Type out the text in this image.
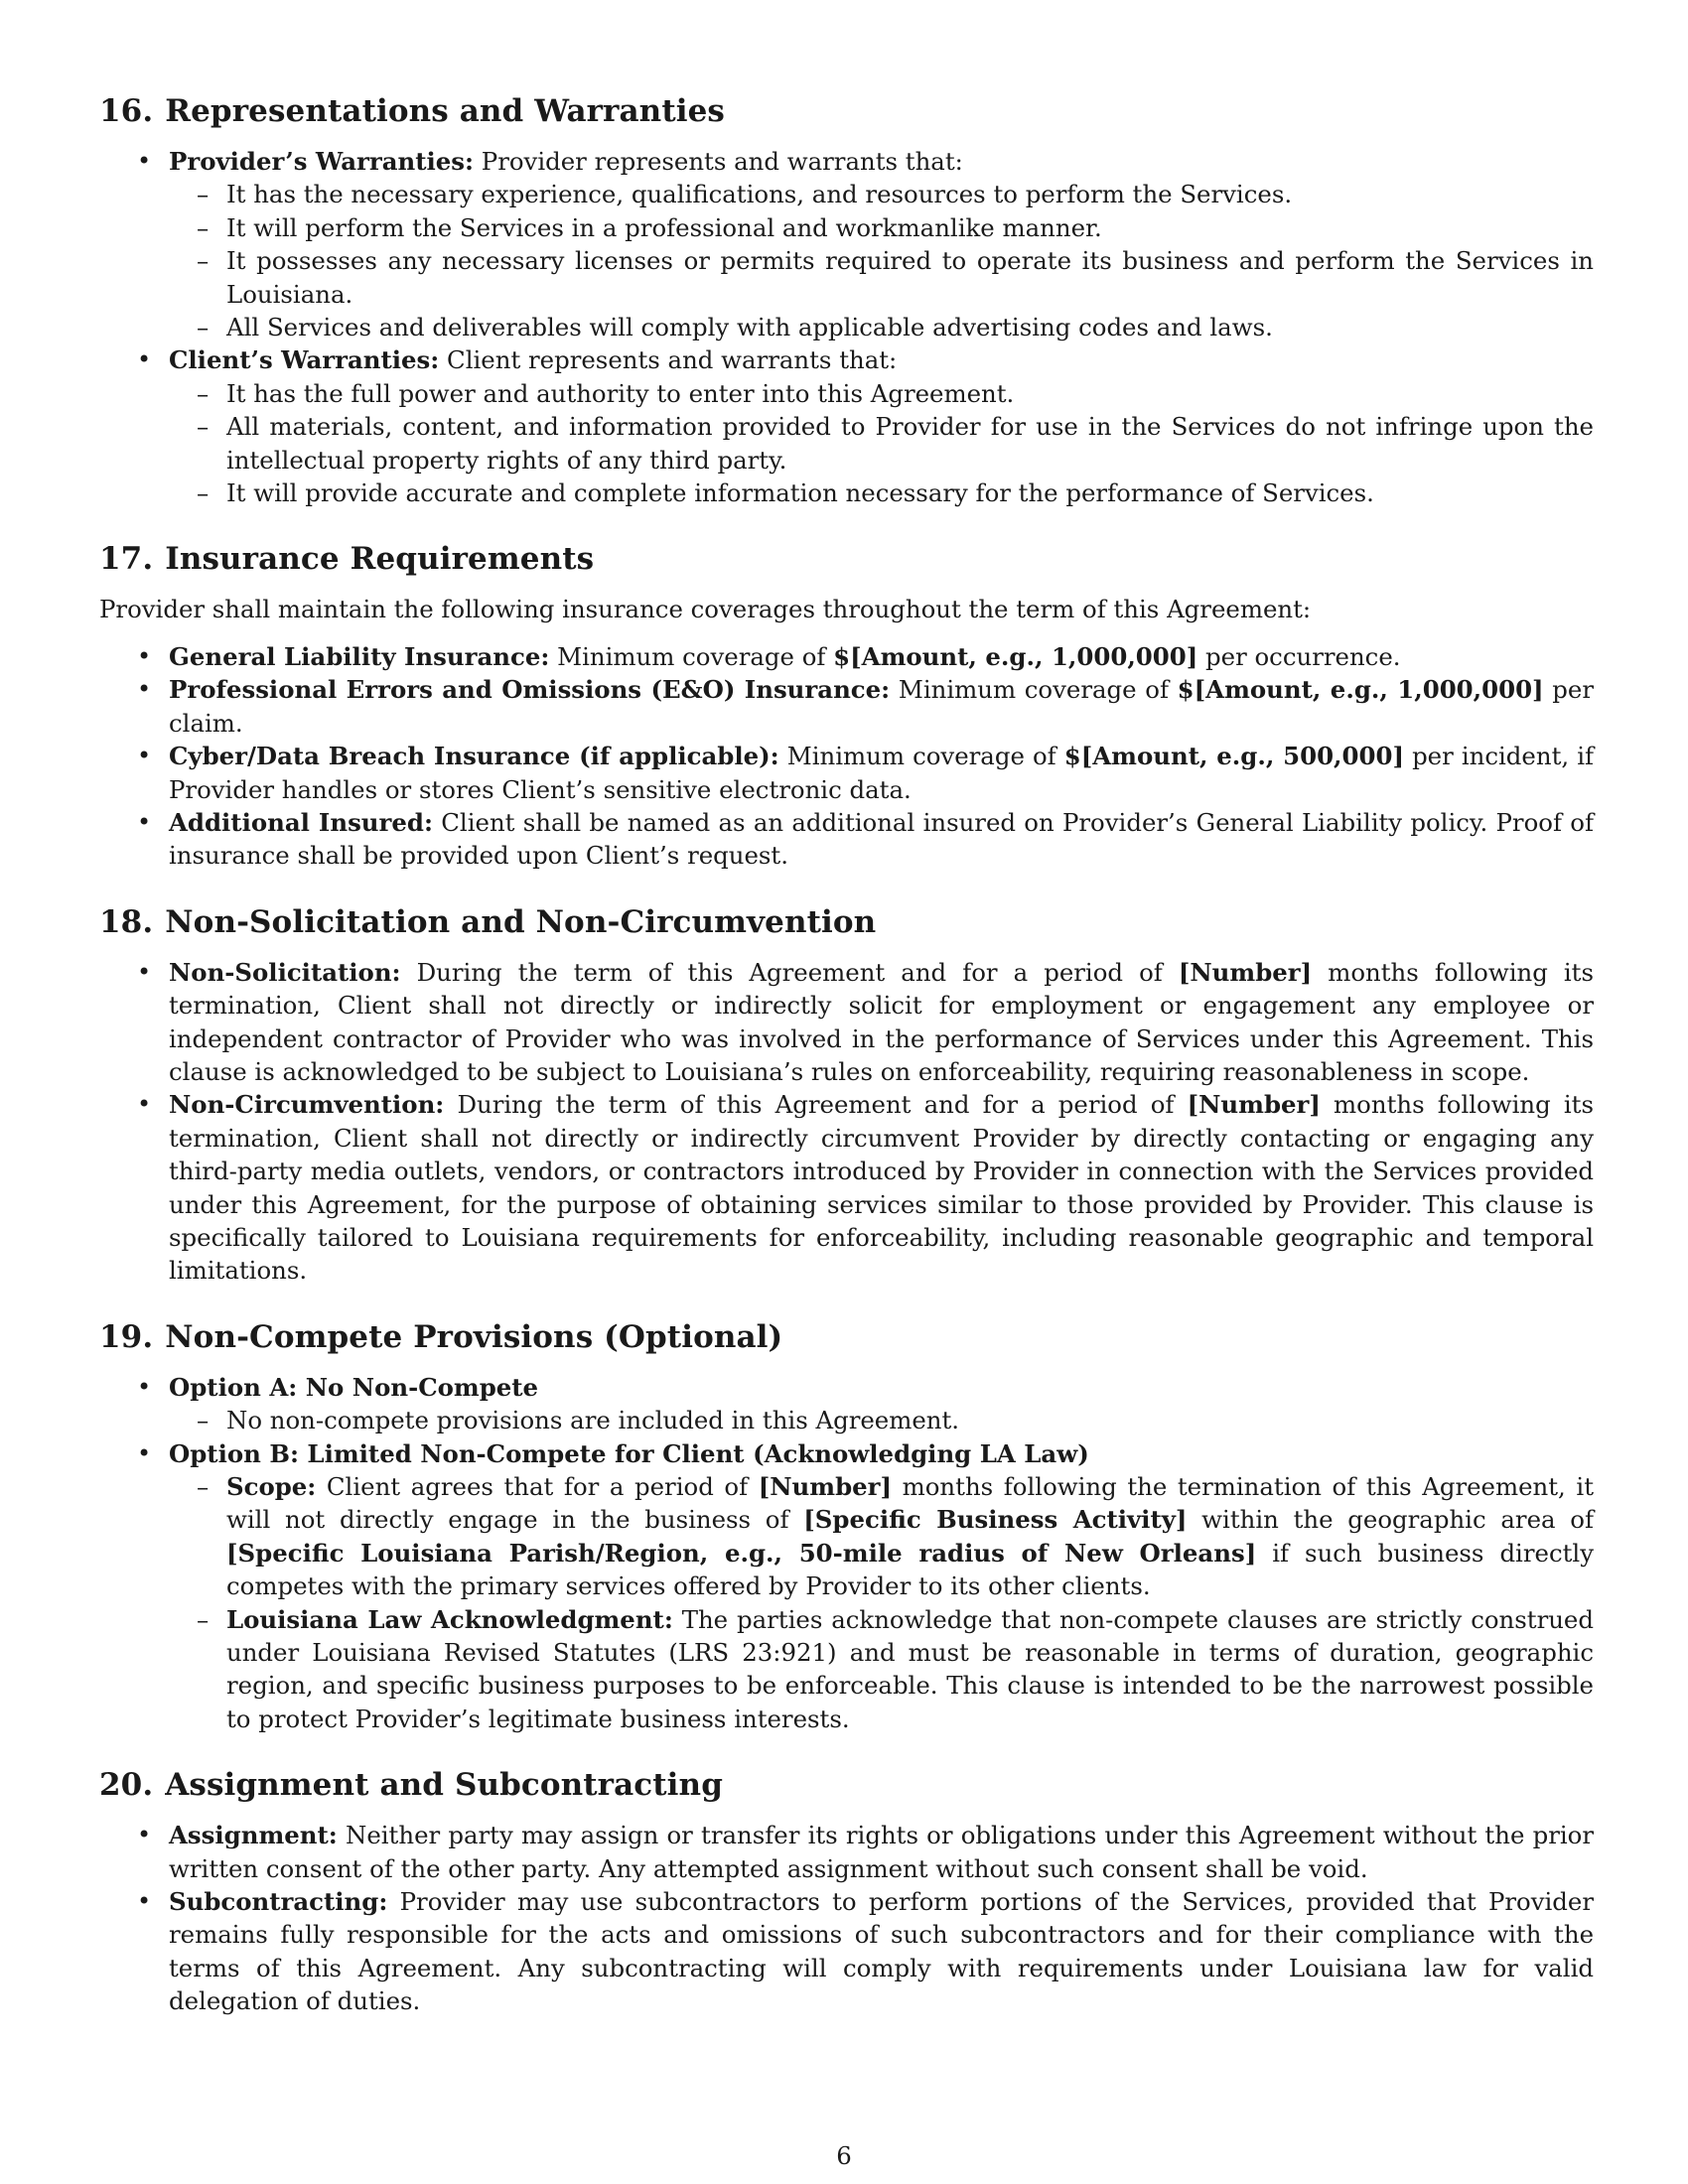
16. Representations and Warranties
• Provider’s Warranties: Provider represents and warrants that:
– It has the necessary experience, qualifications, and resources to perform the Services.
– It will perform the Services in a professional and workmanlike manner.
– It possesses any necessary licenses or permits required to operate its business and perform the Services in Louisiana.
– All Services and deliverables will comply with applicable advertising codes and laws.
• Client’s Warranties: Client represents and warrants that:
– It has the full power and authority to enter into this Agreement.
– All materials, content, and information provided to Provider for use in the Services do not infringe upon the intellectual property rights of any third party.
– It will provide accurate and complete information necessary for the performance of Services.
17. Insurance Requirements

Provider shall maintain the following insurance coverages throughout the term of this Agreement:

• General Liability Insurance: Minimum coverage of $[Amount, e.g., 1,000,000] per occurrence.
• Professional Errors and Omissions (E&O) Insurance: Minimum coverage of $[Amount, e.g., 1,000,000] per claim.
• Cyber/Data Breach Insurance (if applicable): Minimum coverage of $[Amount, e.g., 500,000] per incident, if Provider handles or stores Client’s sensitive electronic data.
• Additional Insured: Client shall be named as an additional insured on Provider’s General Liability policy. Proof of insurance shall be provided upon Client’s request.
18. Non-Solicitation and Non-Circumvention
• Non-Solicitation: During the term of this Agreement and for a period of [Number] months following its termination, Client shall not directly or indirectly solicit for employment or engagement any employee or independent contractor of Provider who was involved in the performance of Services under this Agreement. This clause is acknowledged to be subject to Louisiana’s rules on enforceability, requiring reasonableness in scope.
• Non-Circumvention: During the term of this Agreement and for a period of [Number] months following its termination, Client shall not directly or indirectly circumvent Provider by directly contacting or engaging any third-party media outlets, vendors, or contractors introduced by Provider in connection with the Services provided under this Agreement, for the purpose of obtaining services similar to those provided by Provider. This clause is specifically tailored to Louisiana requirements for enforceability, including reasonable geographic and temporal limitations.
19. Non-Compete Provisions (Optional)
• Option A: No Non-Compete
– No non-compete provisions are included in this Agreement.
• Option B: Limited Non-Compete for Client (Acknowledging LA Law)
– Scope: Client agrees that for a period of [Number] months following the termination of this Agreement, it will not directly engage in the business of [Specific Business Activity] within the geographic area of [Specific Louisiana Parish/Region, e.g., 50-mile radius of New Orleans] if such business directly competes with the primary services offered by Provider to its other clients.
– Louisiana Law Acknowledgment: The parties acknowledge that non-compete clauses are strictly construed under Louisiana Revised Statutes (LRS 23:921) and must be reasonable in terms of duration, geographic region, and specific business purposes to be enforceable. This clause is intended to be the narrowest possible to protect Provider’s legitimate business interests.
20. Assignment and Subcontracting
• Assignment: Neither party may assign or transfer its rights or obligations under this Agreement without the prior written consent of the other party. Any attempted assignment without such consent shall be void.
• Subcontracting: Provider may use subcontractors to perform portions of the Services, provided that Provider remains fully responsible for the acts and omissions of such subcontractors and for their compliance with the terms of this Agreement. Any subcontracting will comply with requirements under Louisiana law for valid delegation of duties.
6
